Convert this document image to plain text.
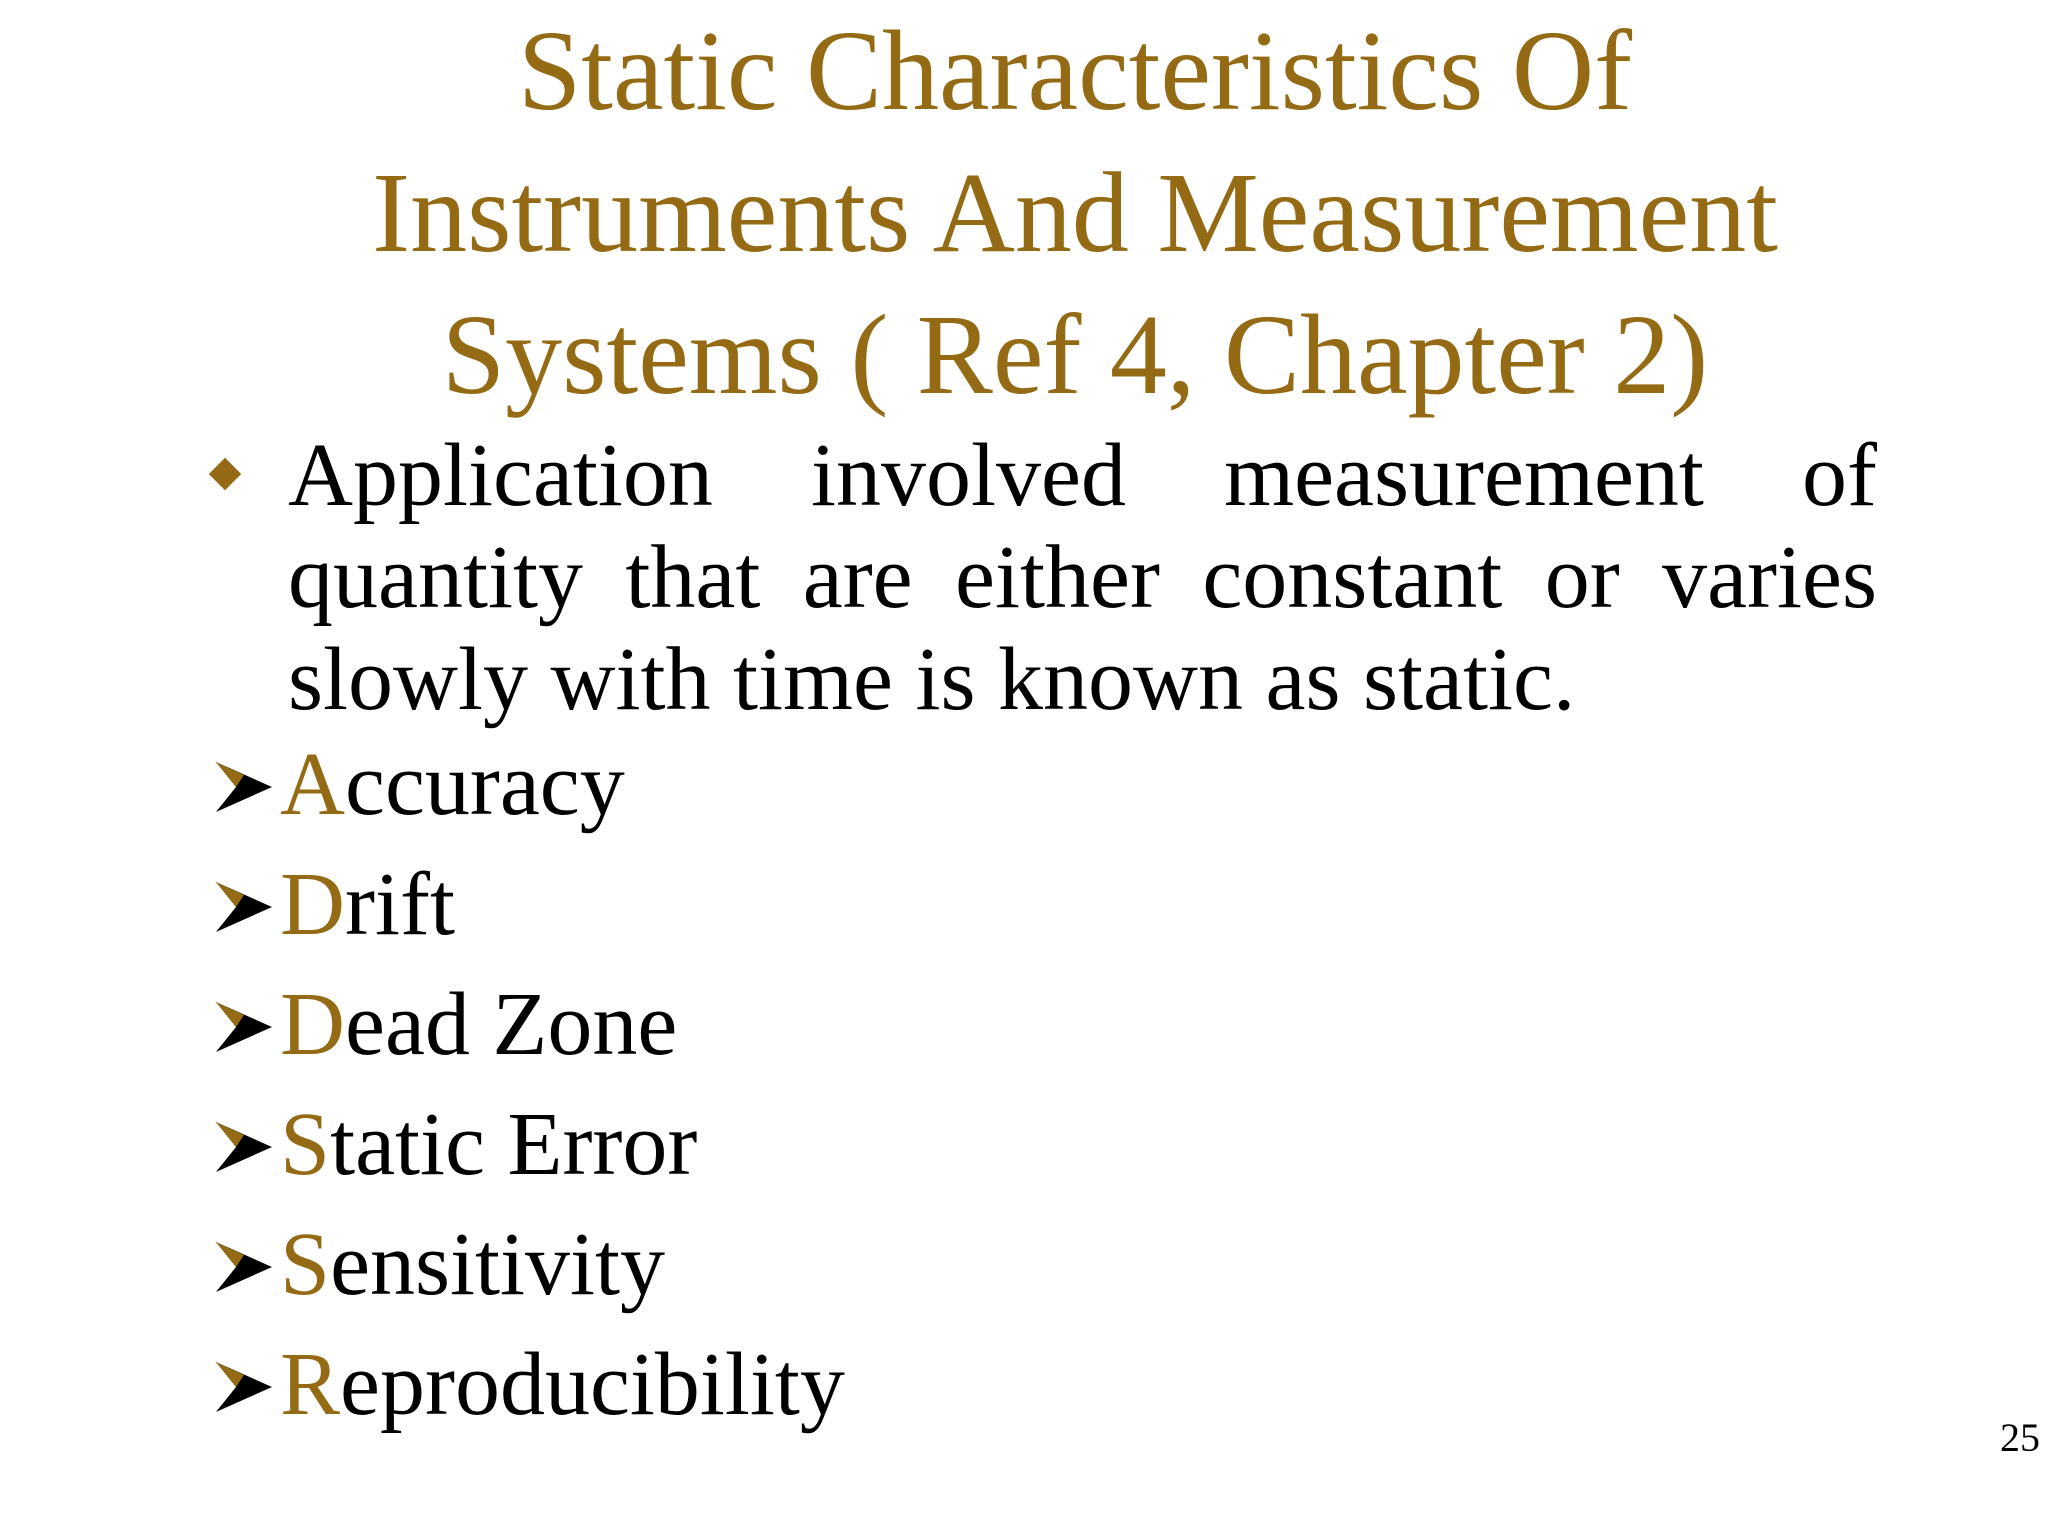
Static Characteristics Of
Instruments And Measurement
Systems ( Ref 4, Chapter 2)

Application involved measurement of quantity that are either constant or varies slowly with time is known as static.

A ccuracy
D rift
D ead Zone
S tatic Error
S ensitivity
R eproducibility
25
